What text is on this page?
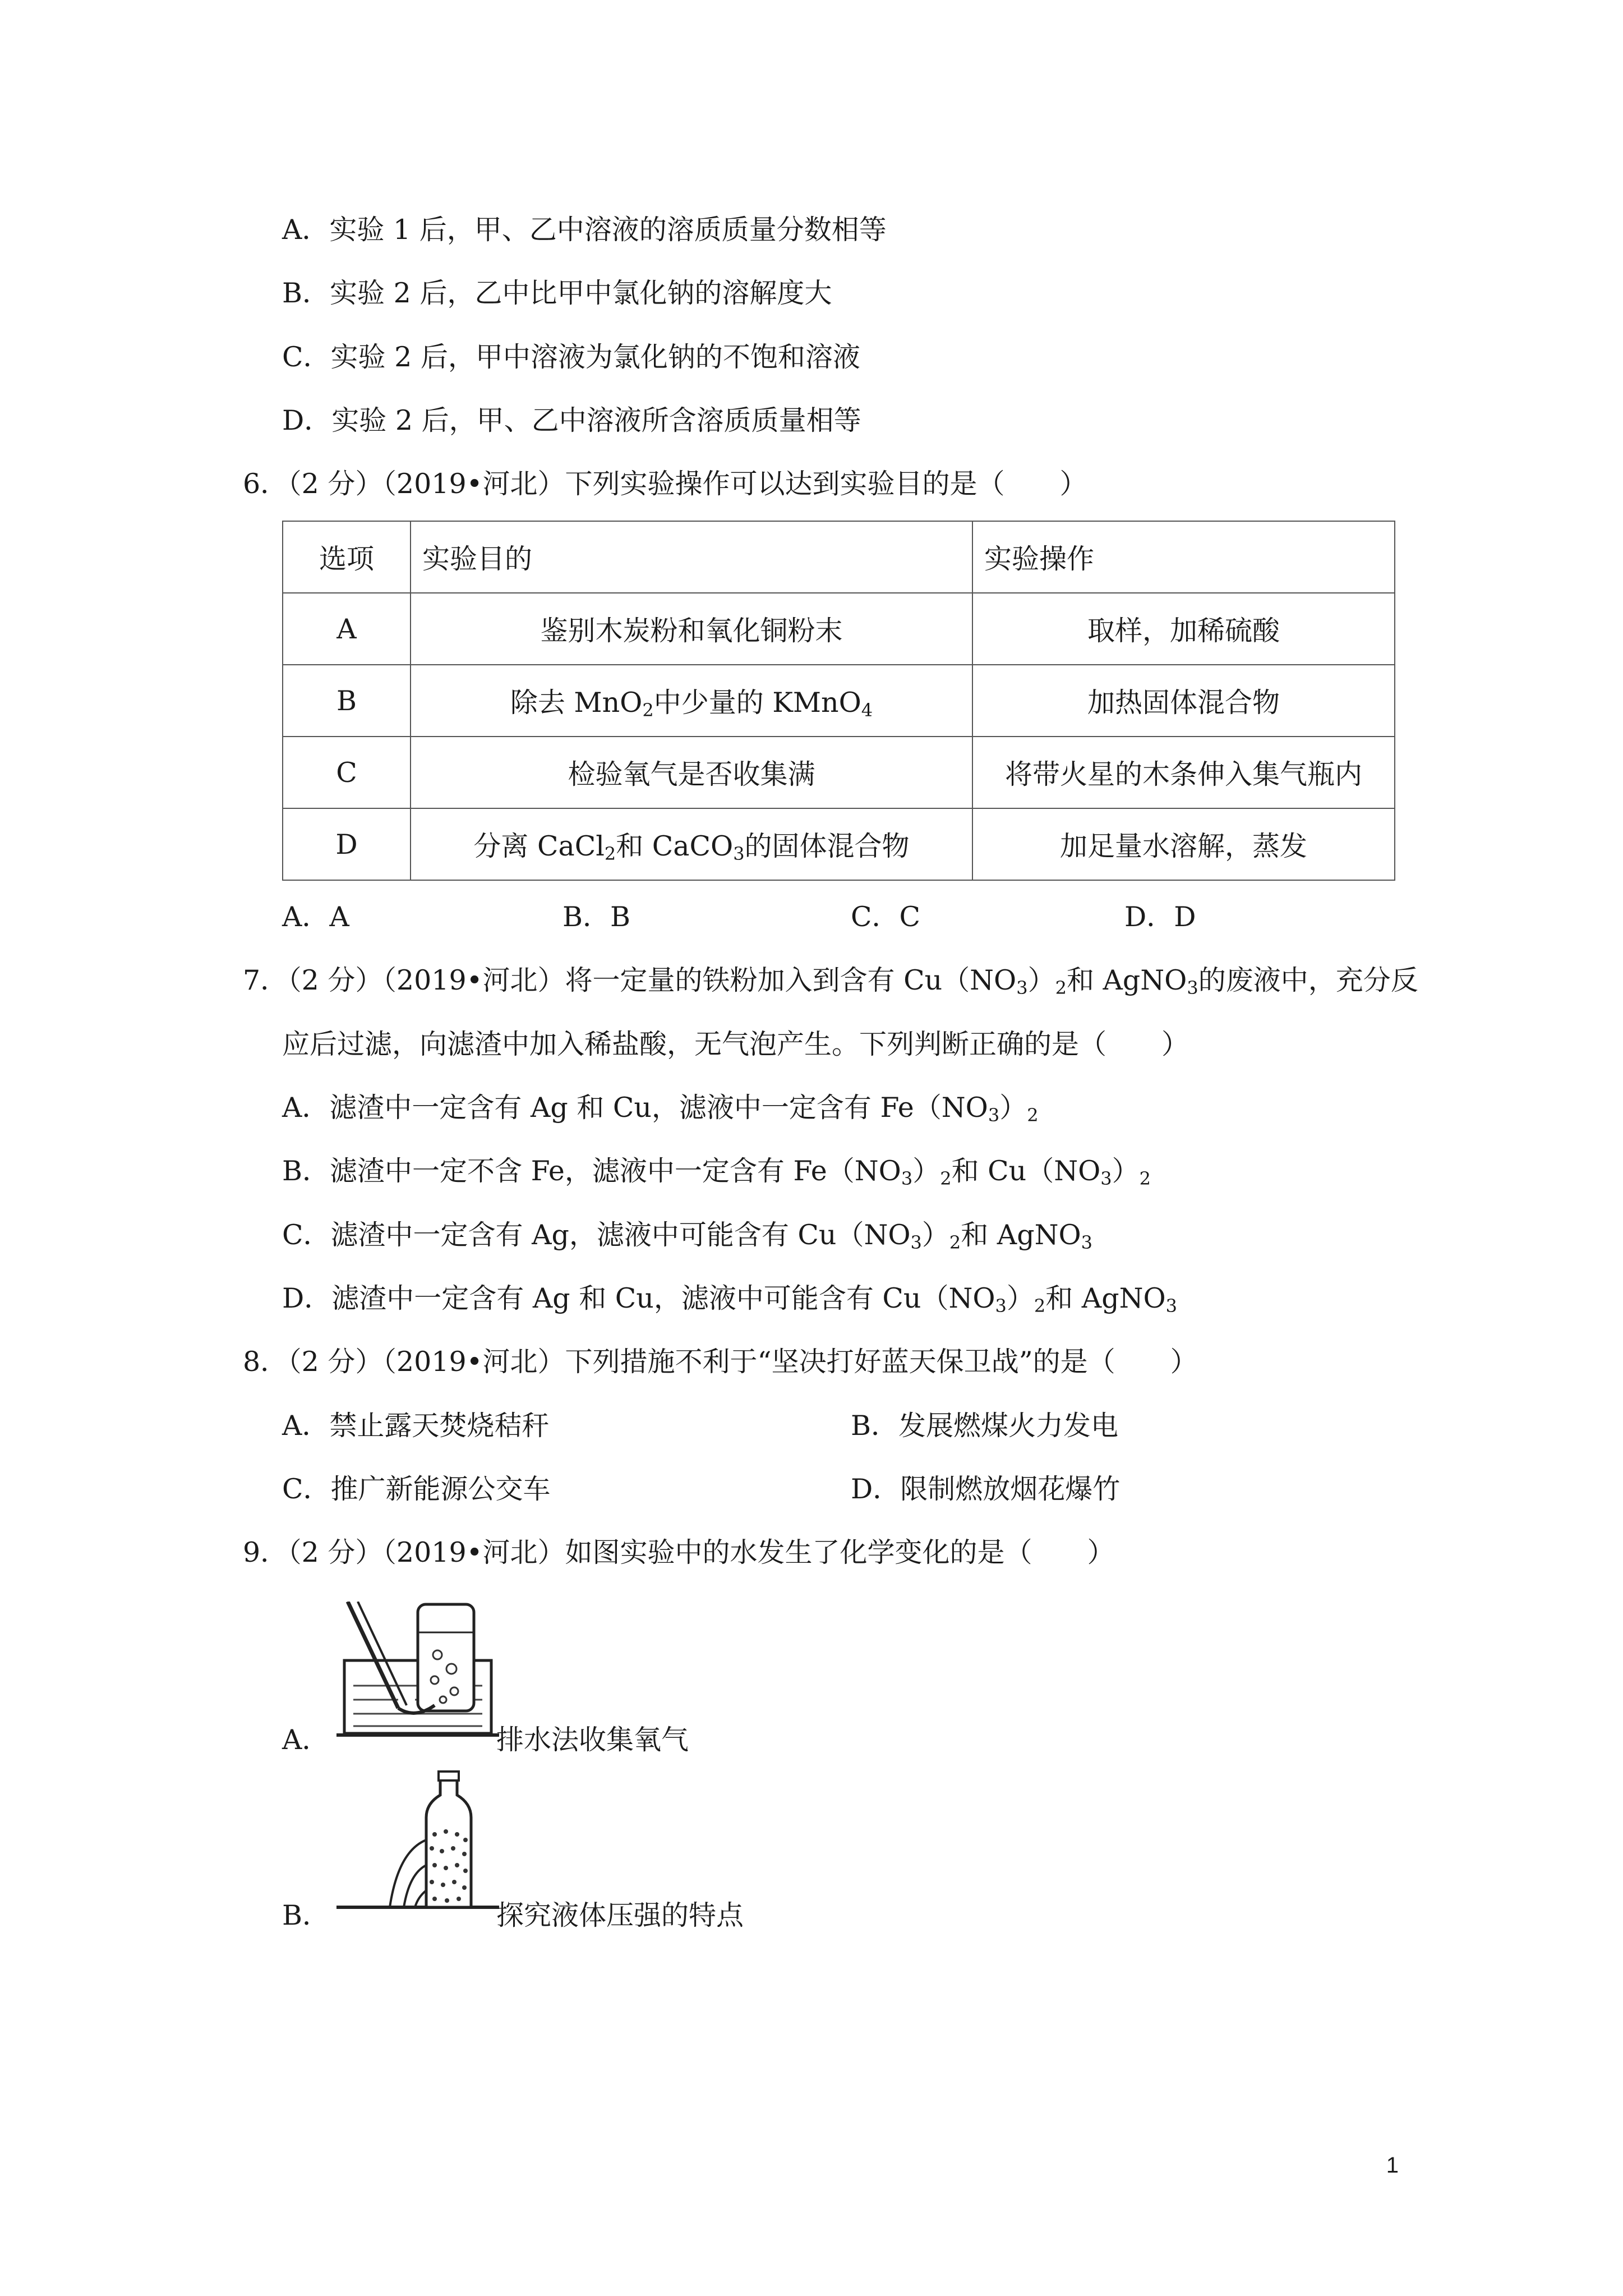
A．实验 1 后，甲、乙中溶液的溶质质量分数相等
B．实验 2 后，乙中比甲中氯化钠的溶解度大
C．实验 2 后，甲中溶液为氯化钠的不饱和溶液
D．实验 2 后，甲、乙中溶液所含溶质质量相等
6．（2 分）（2019•河北）下列实验操作可以达到实验目的是（　　）
选项	实验目的	实验操作
A	鉴别木炭粉和氧化铜粉末	取样，加稀硫酸
B	除去 MnO$_2$中少量的 KMnO$_4$	加热固体混合物
C	检验氧气是否收集满	将带火星的木条伸入集气瓶内
D	分离 CaCl$_2$和 CaCO$_3$的固体混合物	加足量水溶解，蒸发
A．A	B．B	C．C	D．D
7．（2 分）（2019•河北）将一定量的铁粉加入到含有 $Cu(NO_3)_2$和 AgNO$_3$的废液中，充分反
应后过滤，向滤渣中加入稀盐酸，无气泡产生。下列判断正确的是（　　）
A．滤渣中一定含有 Ag 和 Cu，滤液中一定含有 $Fe(NO_3)_2$
B．滤渣中一定不含 Fe，滤液中一定含有 $Fe(NO_3)_2$和 $Cu(NO_3)_2$
C．滤渣中一定含有 Ag，滤液中可能含有 $Cu(NO_3)_2$和 AgNO$_3$
D．滤渣中一定含有 Ag 和 Cu，滤液中可能含有 $Cu(NO_3)_2$和 AgNO$_3$
8．（2 分）（2019•河北）下列措施不利于“坚决打好蓝天保卫战”的是（　　）
A．禁止露天焚烧秸秆	B．发展燃煤火力发电
C．推广新能源公交车	D．限制燃放烟花爆竹
9．（2 分）（2019•河北）如图实验中的水发生了化学变化的是（　　）
A．	排水法收集氧气
B．	探究液体压强的特点
1
